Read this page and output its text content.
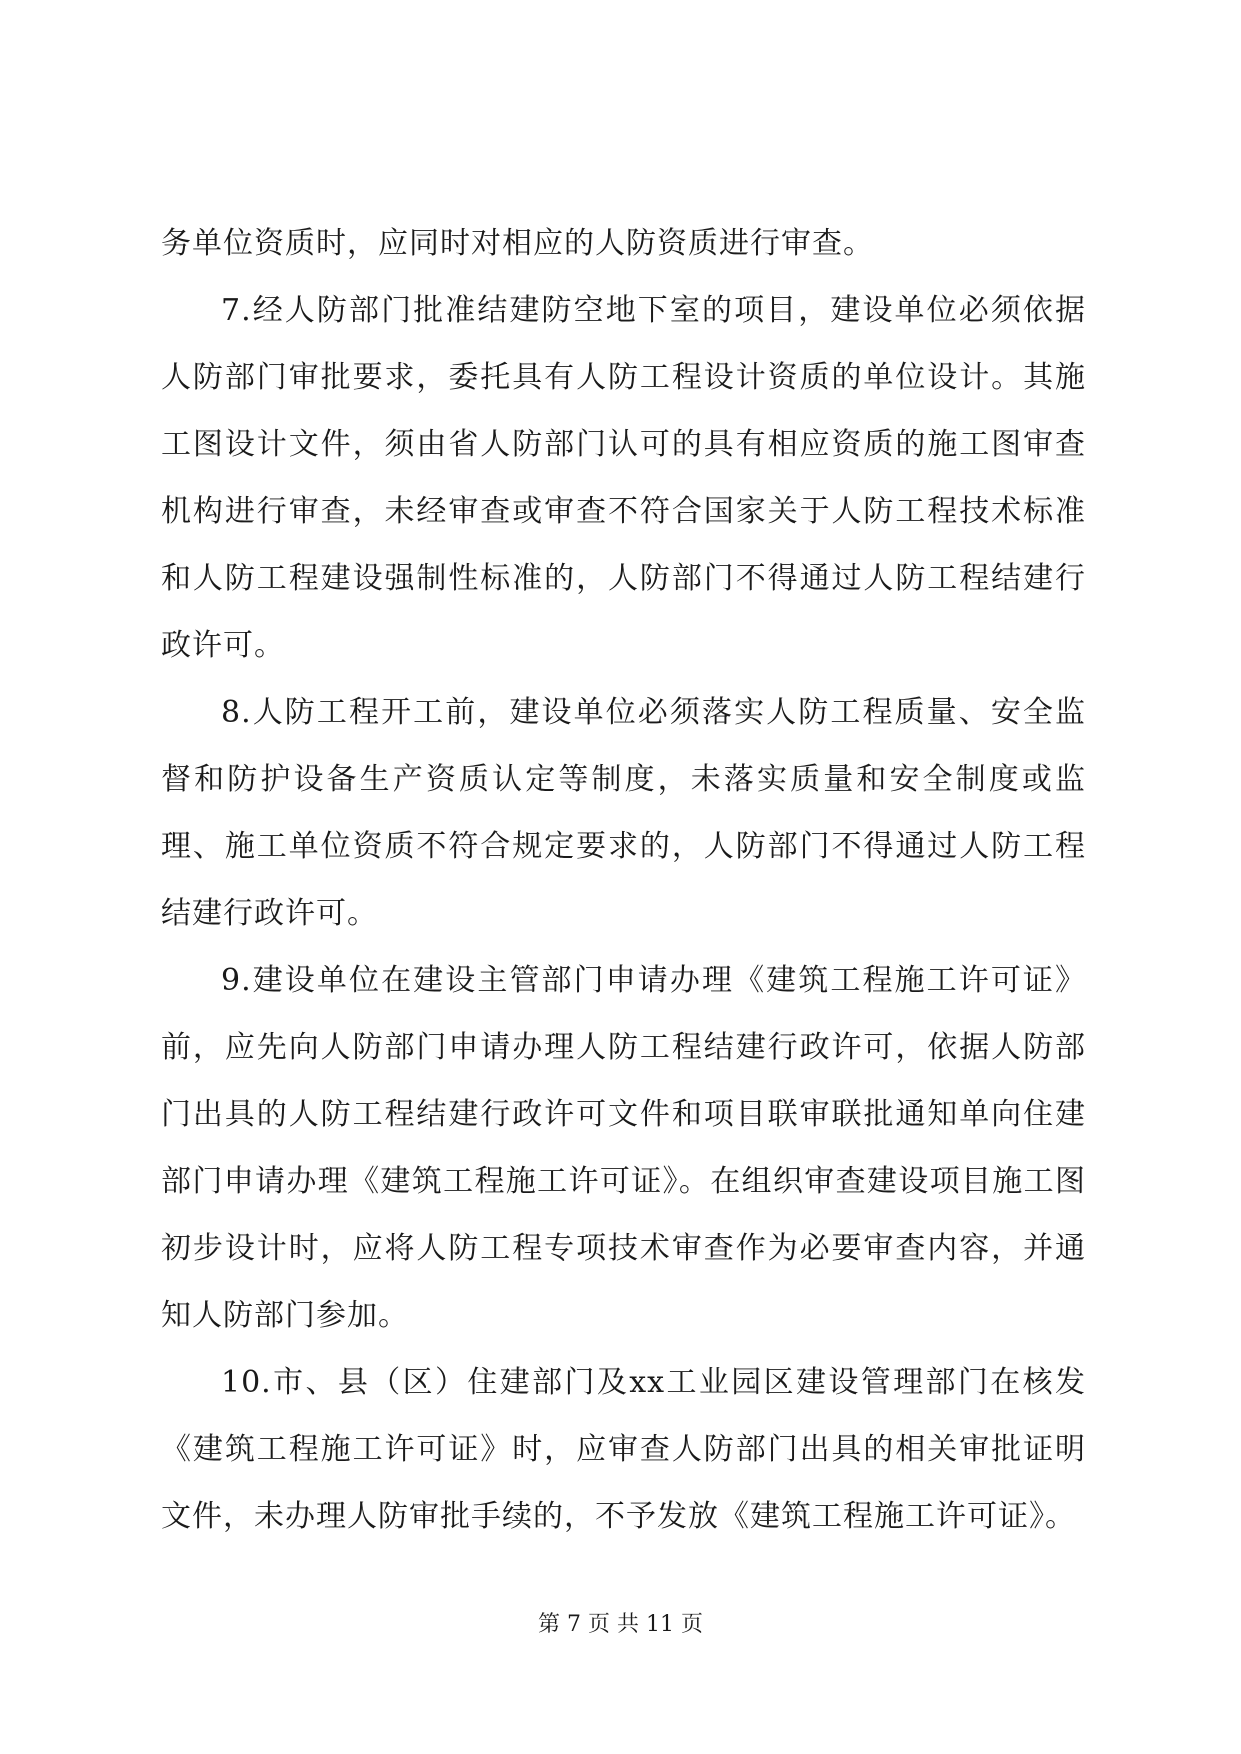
务单位资质时，应同时对相应的人防资质进行审查。

7.经人防部门批准结建防空地下室的项目，建设单位必须依据人防部门审批要求，委托具有人防工程设计资质的单位设计。其施工图设计文件，须由省人防部门认可的具有相应资质的施工图审查机构进行审查，未经审查或审查不符合国家关于人防工程技术标准和人防工程建设强制性标准的，人防部门不得通过人防工程结建行政许可。

8.人防工程开工前，建设单位必须落实人防工程质量、安全监督和防护设备生产资质认定等制度，未落实质量和安全制度或监理、施工单位资质不符合规定要求的，人防部门不得通过人防工程结建行政许可。

9.建设单位在建设主管部门申请办理《建筑工程施工许可证》前，应先向人防部门申请办理人防工程结建行政许可，依据人防部门出具的人防工程结建行政许可文件和项目联审联批通知单向住建部门申请办理《建筑工程施工许可证》。在组织审查建设项目施工图初步设计时，应将人防工程专项技术审查作为必要审查内容，并通知人防部门参加。

10.市、县（区）住建部门及xx工业园区建设管理部门在核发《建筑工程施工许可证》时，应审查人防部门出具的相关审批证明文件，未办理人防审批手续的，不予发放《建筑工程施工许可证》。

第 7 页 共 11 页
